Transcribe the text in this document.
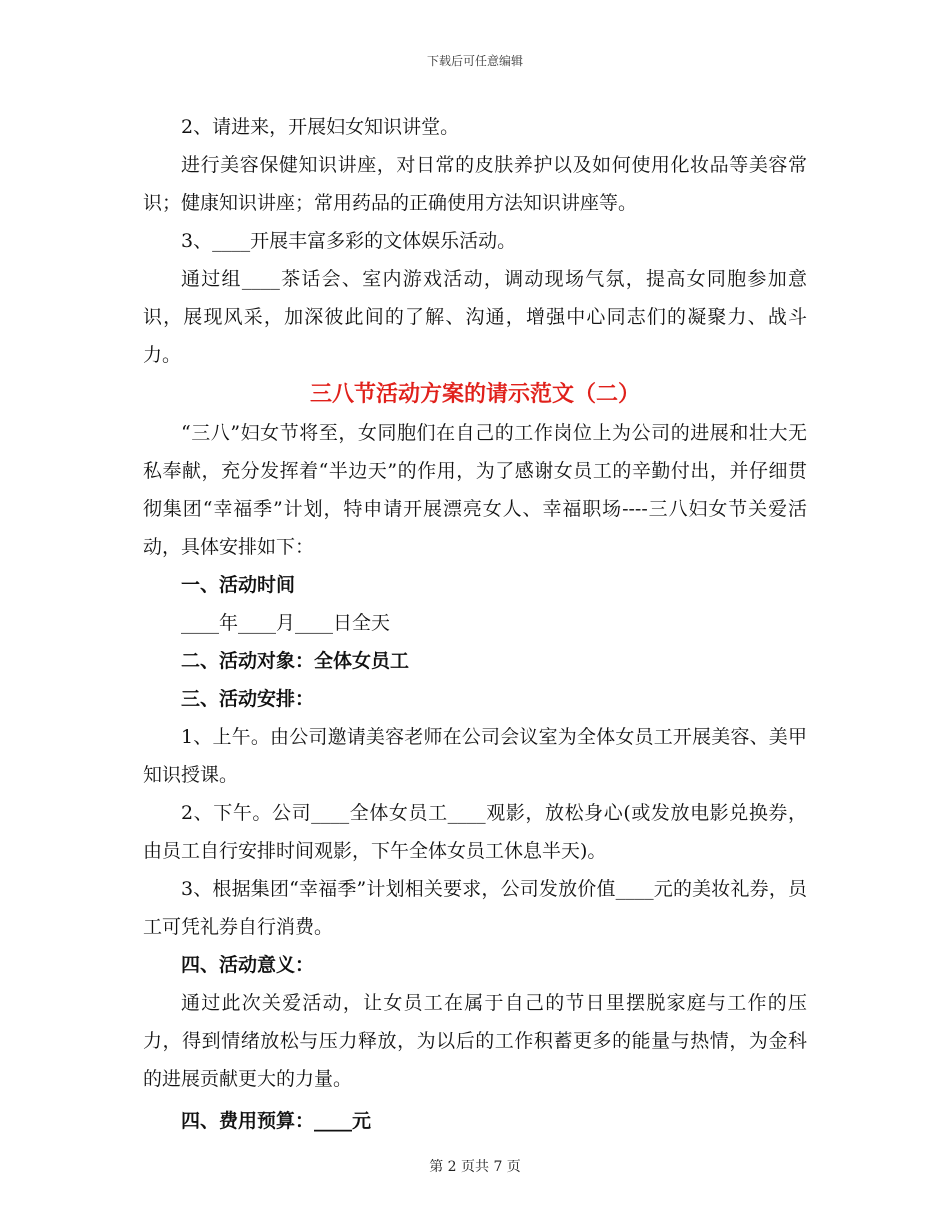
下载后可任意编辑

2、请进来，开展妇女知识讲堂。

进行美容保健知识讲座，对日常的皮肤养护以及如何使用化妆品等美容常识；健康知识讲座；常用药品的正确使用方法知识讲座等。

3、____开展丰富多彩的文体娱乐活动。

通过组____茶话会、室内游戏活动，调动现场气氛，提高女同胞参加意识，展现风采，加深彼此间的了解、沟通，增强中心同志们的凝聚力、战斗力。

三八节活动方案的请示范文（二）

“三八”妇女节将至，女同胞们在自己的工作岗位上为公司的进展和壮大无私奉献，充分发挥着“半边天”的作用，为了感谢女员工的辛勤付出，并仔细贯彻集团“幸福季”计划，特申请开展漂亮女人、幸福职场----三八妇女节关爱活动，具体安排如下：

一、活动时间

____年____月____日全天

二、活动对象：全体女员工

三、活动安排：

1、上午。由公司邀请美容老师在公司会议室为全体女员工开展美容、美甲知识授课。

2、下午。公司____全体女员工____观影，放松身心(或发放电影兑换券，由员工自行安排时间观影，下午全体女员工休息半天)。

3、根据集团“幸福季”计划相关要求，公司发放价值____元的美妆礼券，员工可凭礼券自行消费。

四、活动意义：

通过此次关爱活动，让女员工在属于自己的节日里摆脱家庭与工作的压力，得到情绪放松与压力释放，为以后的工作积蓄更多的能量与热情，为金科的进展贡献更大的力量。

四、费用预算：____元

第 2 页共 7 页
